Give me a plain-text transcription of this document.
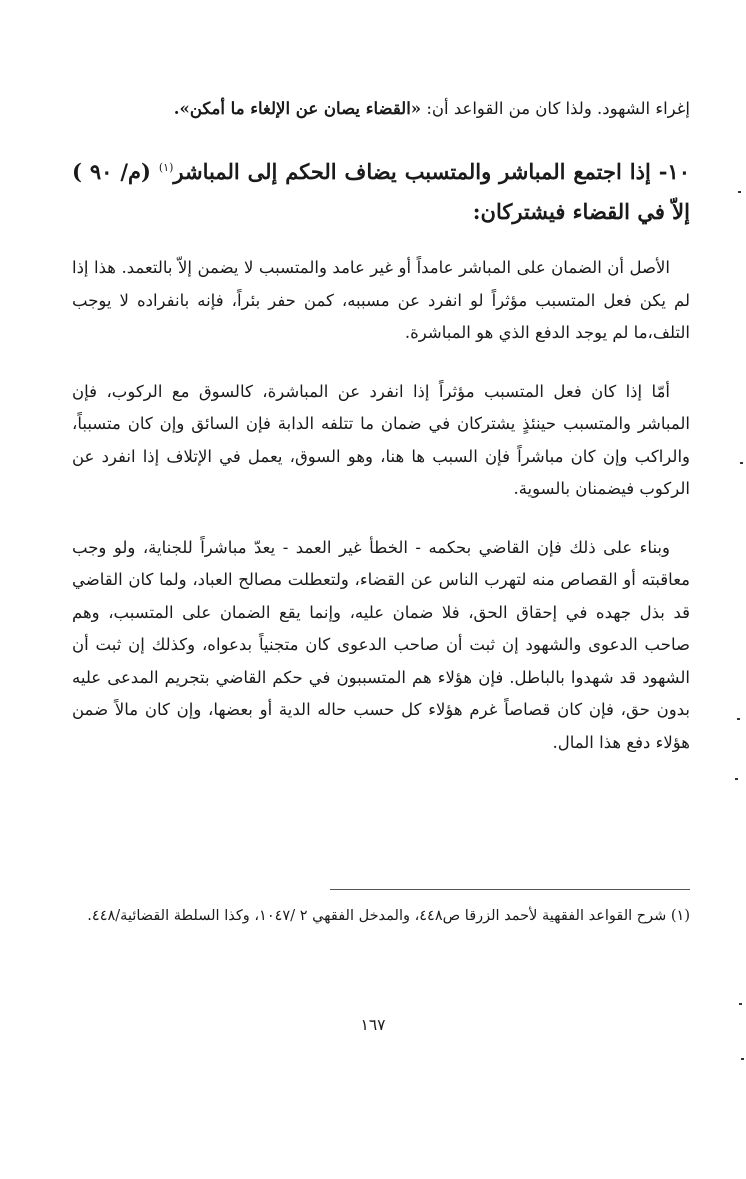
إغراء الشهود. ولذا كان من القواعد أن: «القضاء يصان عن الإلغاء ما أمكن».

١٠- إذا اجتمع المباشر والمتسبب يضاف الحكم إلى المباشر$^{(١)}$ (م/ ٩٠ ) إلاّ في القضاء فيشتركان:

الأصل أن الضمان على المباشر عامداً أو غير عامد والمتسبب لا يضمن إلاّ بالتعمد. هذا إذا لم يكن فعل المتسبب مؤثراً لو انفرد عن مسببه، كمن حفر بئراً، فإنه بانفراده لا يوجب التلف،ما لم يوجد الدفع الذي هو المباشرة.

أمّا إذا كان فعل المتسبب مؤثراً إذا انفرد عن المباشرة، كالسوق مع الركوب، فإن المباشر والمتسبب حينئذٍ يشتركان في ضمان ما تتلفه الدابة فإن السائق وإن كان متسبباً، والراكب وإن كان مباشراً فإن السبب ها هنا، وهو السوق، يعمل في الإتلاف إذا انفرد عن الركوب فيضمنان بالسوية.

وبناء على ذلك فإن القاضي بحكمه - الخطأ غير العمد - يعدّ مباشراً للجناية، ولو وجب معاقبته أو القصاص منه لتهرب الناس عن القضاء، ولتعطلت مصالح العباد، ولما كان القاضي قد بذل جهده في إحقاق الحق، فلا ضمان عليه، وإنما يقع الضمان على المتسبب، وهم صاحب الدعوى والشهود إن ثبت أن صاحب الدعوى كان متجنياً بدعواه، وكذلك إن ثبت أن الشهود قد شهدوا بالباطل. فإن هؤلاء هم المتسببون في حكم القاضي بتجريم المدعى عليه بدون حق، فإن كان قصاصاً غرم هؤلاء كل حسب حاله الدية أو بعضها، وإن كان مالاً ضمن هؤلاء دفع هذا المال.

(١) شرح القواعد الفقهية لأحمد الزرقا ص٤٤٨، والمدخل الفقهي ٢ /١٠٤٧، وكذا السلطة القضائية/٤٤٨.
١٦٧
